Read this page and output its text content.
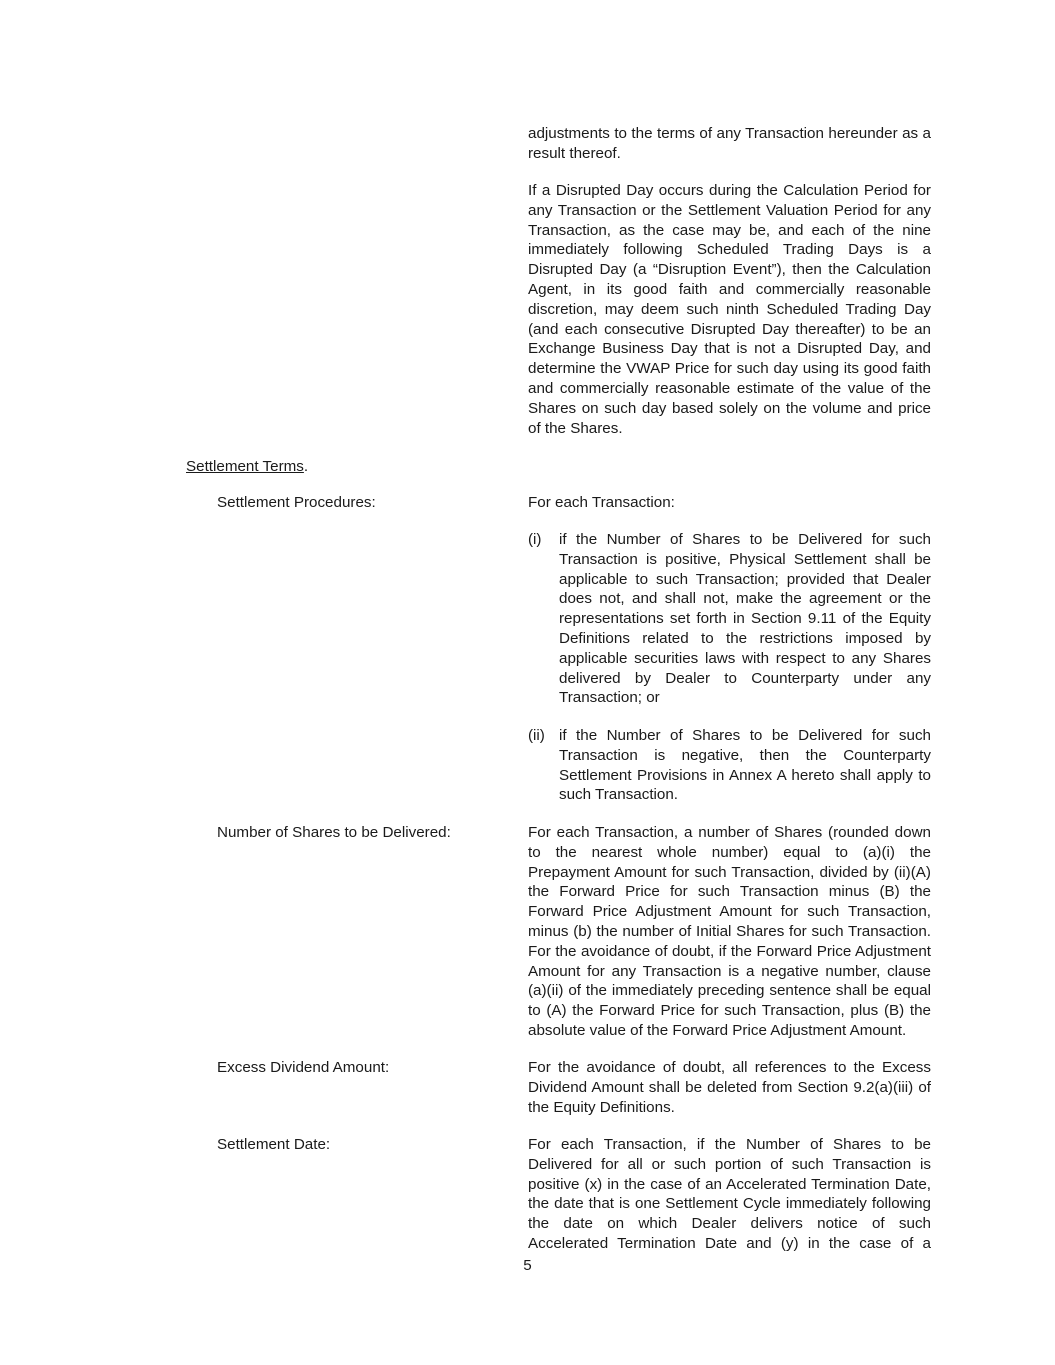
adjustments to the terms of any Transaction hereunder as a result thereof.

If a Disrupted Day occurs during the Calculation Period for any Transaction or the Settlement Valuation Period for any Transaction, as the case may be, and each of the nine immediately following Scheduled Trading Days is a Disrupted Day (a “Disruption Event”), then the Calculation Agent, in its good faith and commercially reasonable discretion, may deem such ninth Scheduled Trading Day (and each consecutive Disrupted Day thereafter) to be an Exchange Business Day that is not a Disrupted Day, and determine the VWAP Price for such day using its good faith and commercially reasonable estimate of the value of the Shares on such day based solely on the volume and price of the Shares.

Settlement Terms.
Settlement Procedures:	For each Transaction:

(i) if the Number of Shares to be Delivered for such Transaction is positive, Physical Settlement shall be applicable to such Transaction; provided that Dealer does not, and shall not, make the agreement or the representations set forth in Section 9.11 of the Equity Definitions related to the restrictions imposed by applicable securities laws with respect to any Shares delivered by Dealer to Counterparty under any Transaction; or
(ii) if the Number of Shares to be Delivered for such Transaction is negative, then the Counterparty Settlement Provisions in Annex A hereto shall apply to such Transaction.
Number of Shares to be Delivered:	For each Transaction, a number of Shares (rounded down to the nearest whole number) equal to (a)(i) the Prepayment Amount for such Transaction, divided by (ii)(A) the Forward Price for such Transaction minus (B) the Forward Price Adjustment Amount for such Transaction, minus (b) the number of Initial Shares for such Transaction. For the avoidance of doubt, if the Forward Price Adjustment Amount for any Transaction is a negative number, clause (a)(ii) of the immediately preceding sentence shall be equal to (A) the Forward Price for such Transaction, plus (B) the absolute value of the Forward Price Adjustment Amount.

Excess Dividend Amount:	For the avoidance of doubt, all references to the Excess Dividend Amount shall be deleted from Section 9.2(a)(iii) of the Equity Definitions.

Settlement Date:	For each Transaction, if the Number of Shares to be Delivered for all or such portion of such Transaction is positive (x) in the case of an Accelerated Termination Date, the date that is one Settlement Cycle immediately following the date on which Dealer delivers notice of such Accelerated Termination Date and (y) in the case of a

5
